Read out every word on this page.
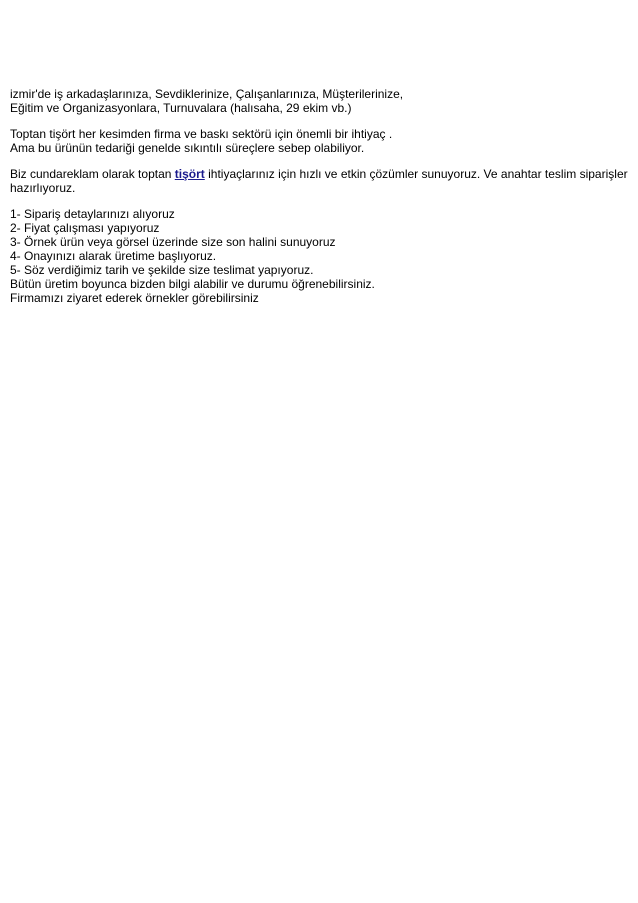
izmir'de iş arkadaşlarınıza, Sevdiklerinize, Çalışanlarınıza, Müşterilerinize,
Eğitim ve Organizasyonlara, Turnuvalara (halısaha, 29 ekim vb.)

Toptan tişört her kesimden firma ve baskı sektörü için önemli bir ihtiyaç .
Ama bu ürünün tedariği genelde sıkıntılı süreçlere sebep olabiliyor.

Biz cundareklam olarak toptan tişört ihtiyaçlarınız için hızlı ve etkin çözümler sunuyoruz. Ve anahtar teslim siparişler hazırlıyoruz.

1- Sipariş detaylarınızı alıyoruz
2- Fiyat çalışması yapıyoruz
3- Örnek ürün veya görsel üzerinde size son halini sunuyoruz
4- Onayınızı alarak üretime başlıyoruz.
5- Söz verdiğimiz tarih ve şekilde size teslimat yapıyoruz.
Bütün üretim boyunca bizden bilgi alabilir ve durumu öğrenebilirsiniz.
Firmamızı ziyaret ederek örnekler görebilirsiniz
